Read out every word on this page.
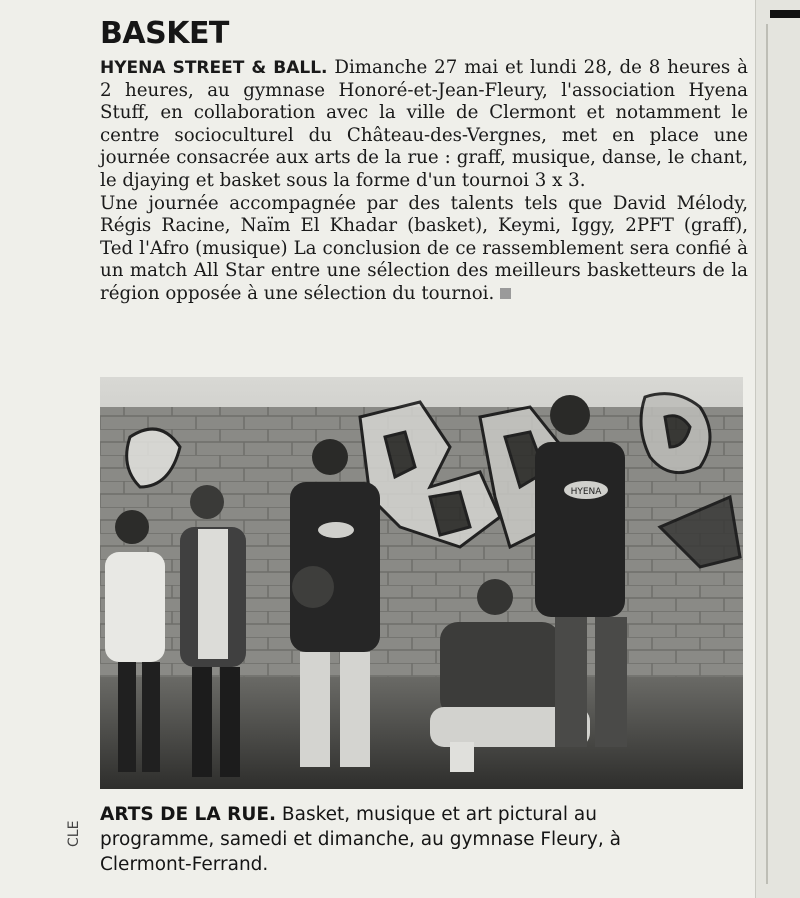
BASKET

HYENA STREET & BALL. Dimanche 27 mai et lundi 28, de 8 heures à 2 heures, au gymnase Honoré-et-Jean-Fleury, l'association Hyena Stuff, en collaboration avec la ville de Clermont et notamment le centre socioculturel du Château-des-Vergnes, met en place une journée consacrée aux arts de la rue : graff, musique, danse, le chant, le djaying et basket sous la forme d'un tournoi 3 x 3.

Une journée accompagnée par des talents tels que David Mélody, Régis Racine, Naïm El Khadar (basket), Keymi, Iggy, 2PFT (graff), Ted l'Afro (musique) La conclusion de ce rassemblement sera confié à un match All Star entre une sélection des meilleurs basketteurs de la région opposée à une sélection du tournoi.

HYENA
CLE

ARTS DE LA RUE. Basket, musique et art pictural au programme, samedi et dimanche, au gymnase Fleury, à Clermont-Ferrand.
